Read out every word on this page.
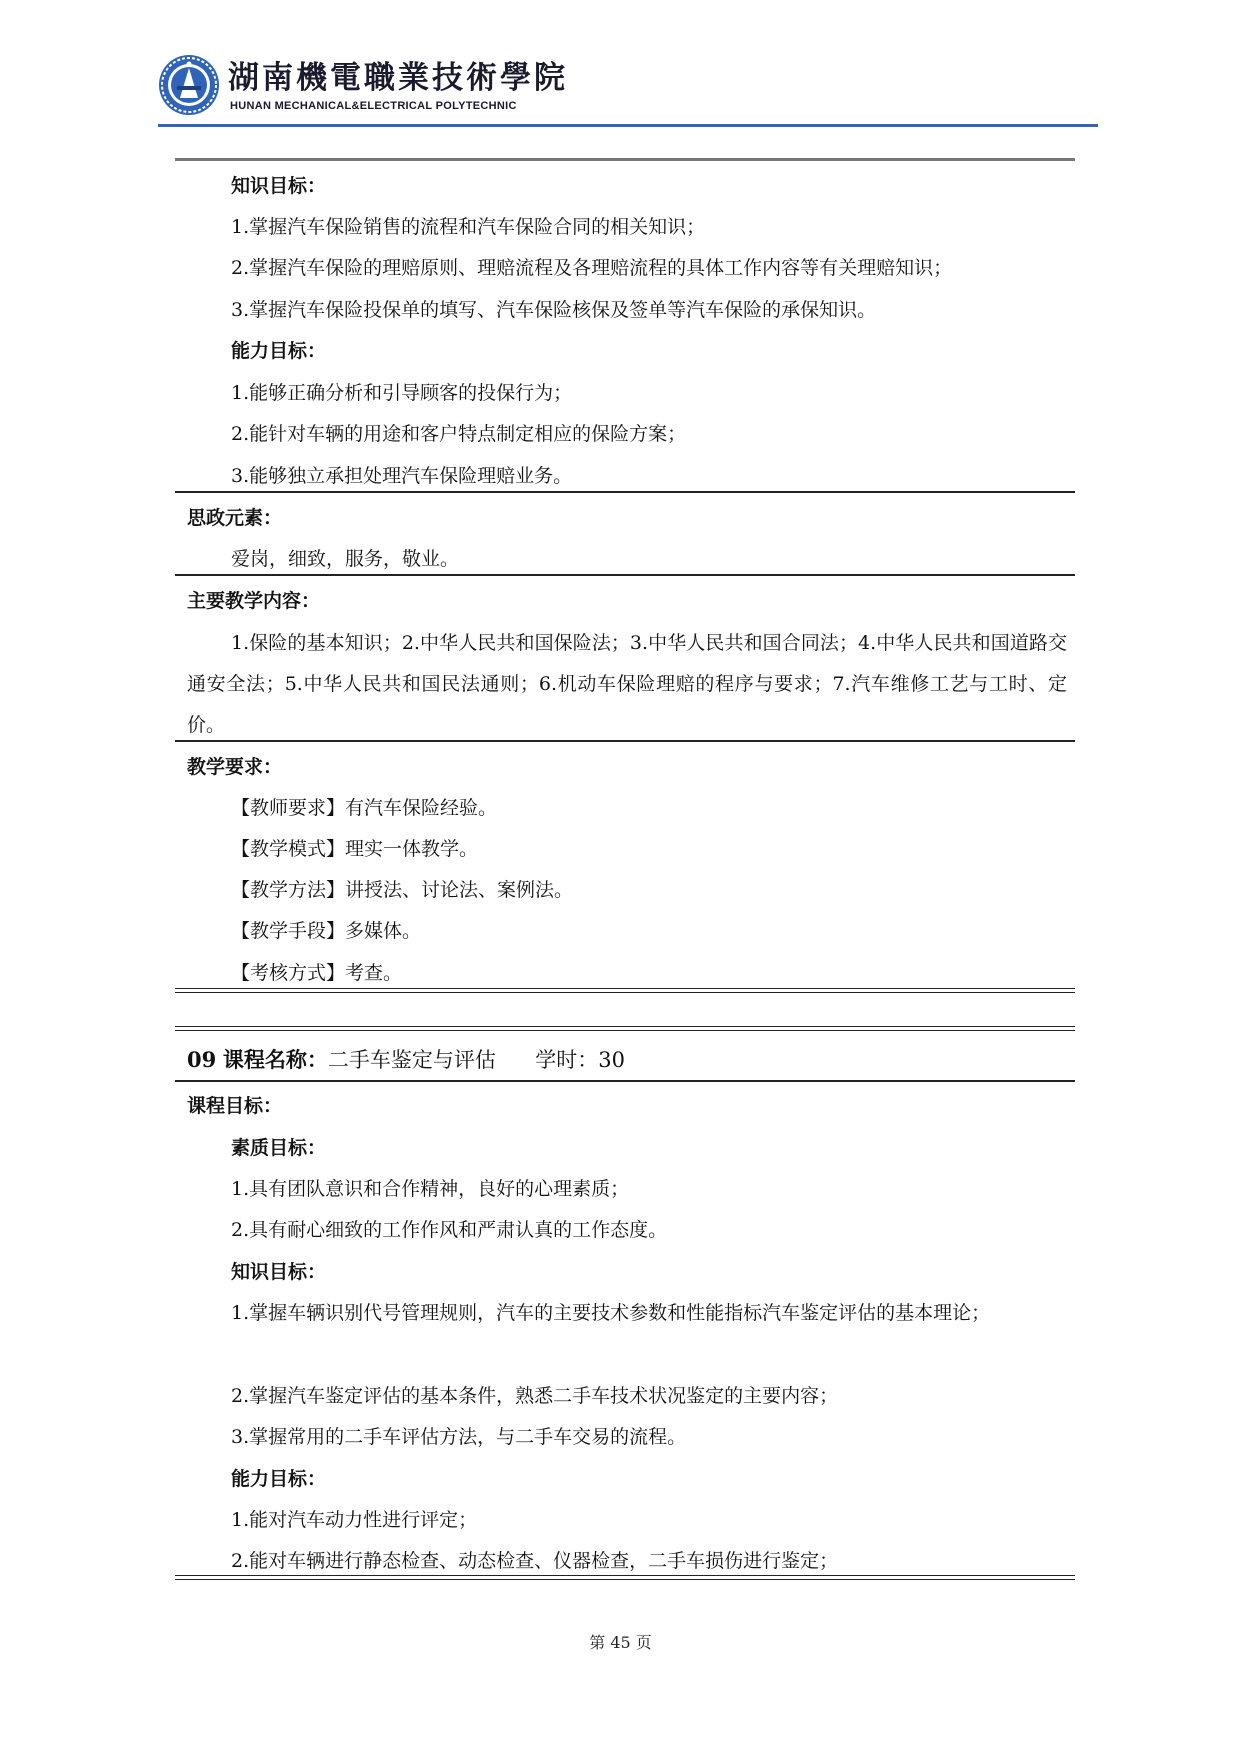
湖南機電職業技術學院
HUNAN MECHANICAL&ELECTRICAL POLYTECHNIC
知识目标：
1.掌握汽车保险销售的流程和汽车保险合同的相关知识；
2.掌握汽车保险的理赔原则、理赔流程及各理赔流程的具体工作内容等有关理赔知识；
3.掌握汽车保险投保单的填写、汽车保险核保及签单等汽车保险的承保知识。
能力目标：
1.能够正确分析和引导顾客的投保行为；
2.能针对车辆的用途和客户特点制定相应的保险方案；
3.能够独立承担处理汽车保险理赔业务。
思政元素：
爱岗，细致，服务，敬业。
主要教学内容：
1.保险的基本知识；2.中华人民共和国保险法；3.中华人民共和国合同法；4.中华人民共和国道路交通安全法；5.中华人民共和国民法通则；6.机动车保险理赔的程序与要求；7.汽车维修工艺与工时、定价。
教学要求：
【教师要求】有汽车保险经验。
【教学模式】理实一体教学。
【教学方法】讲授法、讨论法、案例法。
【教学手段】多媒体。
【考核方式】考查。
09 课程名称：二手车鉴定与评估 学时：30
课程目标：
素质目标：
1.具有团队意识和合作精神，良好的心理素质；
2.具有耐心细致的工作作风和严肃认真的工作态度。
知识目标：
1.掌握车辆识别代号管理规则，汽车的主要技术参数和性能指标汽车鉴定评估的基本理论；
2.掌握汽车鉴定评估的基本条件，熟悉二手车技术状况鉴定的主要内容；
3.掌握常用的二手车评估方法，与二手车交易的流程。
能力目标：
1.能对汽车动力性进行评定；
2.能对车辆进行静态检查、动态检查、仪器检查，二手车损伤进行鉴定；
第 45 页
